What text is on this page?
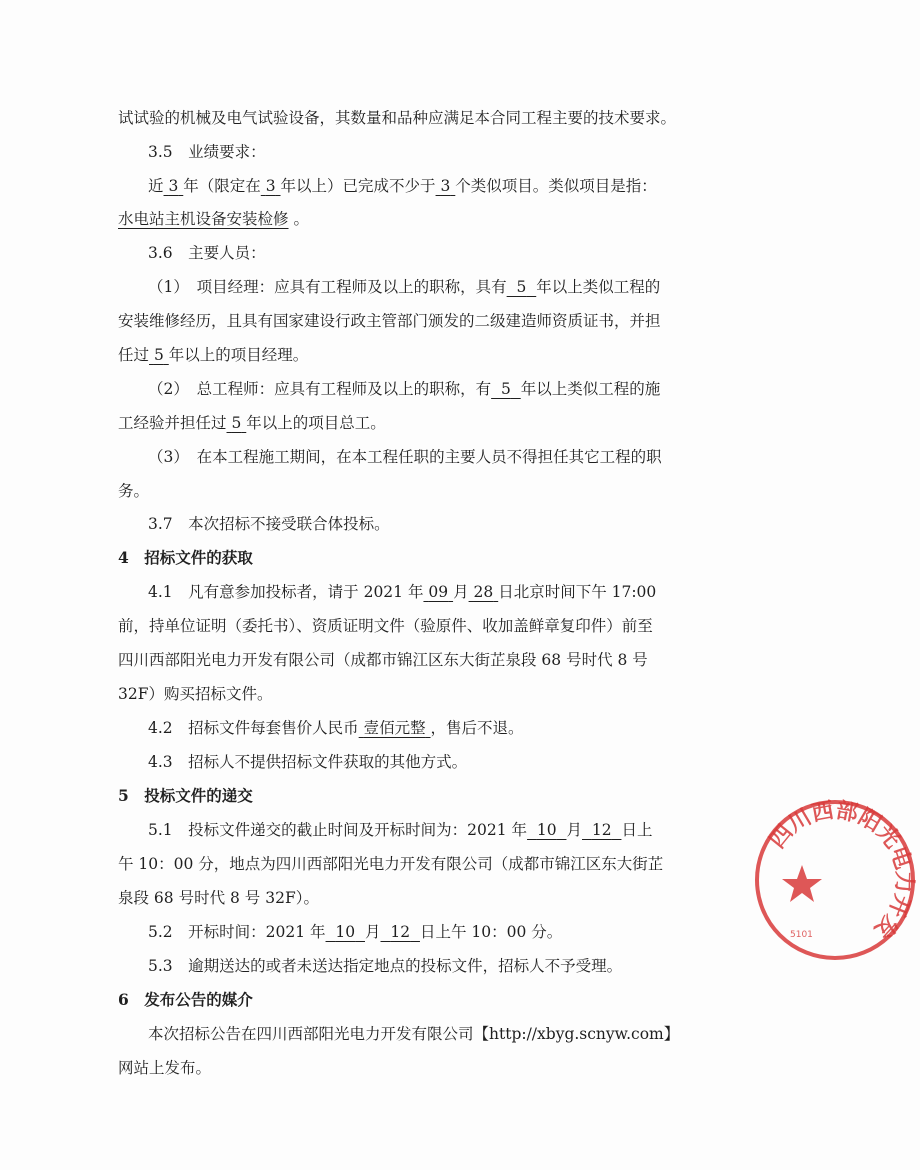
试试验的机械及电气试验设备，其数量和品种应满足本合同工程主要的技术要求。
3.5　业绩要求：
近 3 年（限定在 3 年以上）已完成不少于 3 个类似项目。类似项目是指：
水电站主机设备安装检修 。
3.6　主要人员：
（1）　项目经理：应具有工程师及以上的职称，具有 5 年以上类似工程的
安装维修经历，且具有国家建设行政主管部门颁发的二级建造师资质证书，并担
任过 5 年以上的项目经理。
（2）　总工程师：应具有工程师及以上的职称，有 5 年以上类似工程的施
工经验并担任过 5 年以上的项目总工。
（3）　在本工程施工期间，在本工程任职的主要人员不得担任其它工程的职
务。
3.7　本次招标不接受联合体投标。
4　招标文件的获取
4.1　凡有意参加投标者，请于 2021 年 09 月 28 日北京时间下午 17:00
前，持单位证明（委托书）、资质证明文件（验原件、收加盖鲜章复印件）前至
四川西部阳光电力开发有限公司（成都市锦江区东大街芷泉段 68 号时代 8 号
32F）购买招标文件。
4.2　招标文件每套售价人民币 壹佰元整 ，售后不退。
4.3　招标人不提供招标文件获取的其他方式。
5　投标文件的递交
5.1　投标文件递交的截止时间及开标时间为：2021 年 10 月 12 日上
午 10：00 分，地点为四川西部阳光电力开发有限公司（成都市锦江区东大街芷
泉段 68 号时代 8 号 32F）。
5.2　开标时间：2021 年 10 月 12 日上午 10：00 分。
5.3　逾期送达的或者未送达指定地点的投标文件，招标人不予受理。
6　发布公告的媒介
本次招标公告在四川西部阳光电力开发有限公司【http://xbyg.scnyw.com】
网站上发布。
四川西部阳光电力开发
5101
